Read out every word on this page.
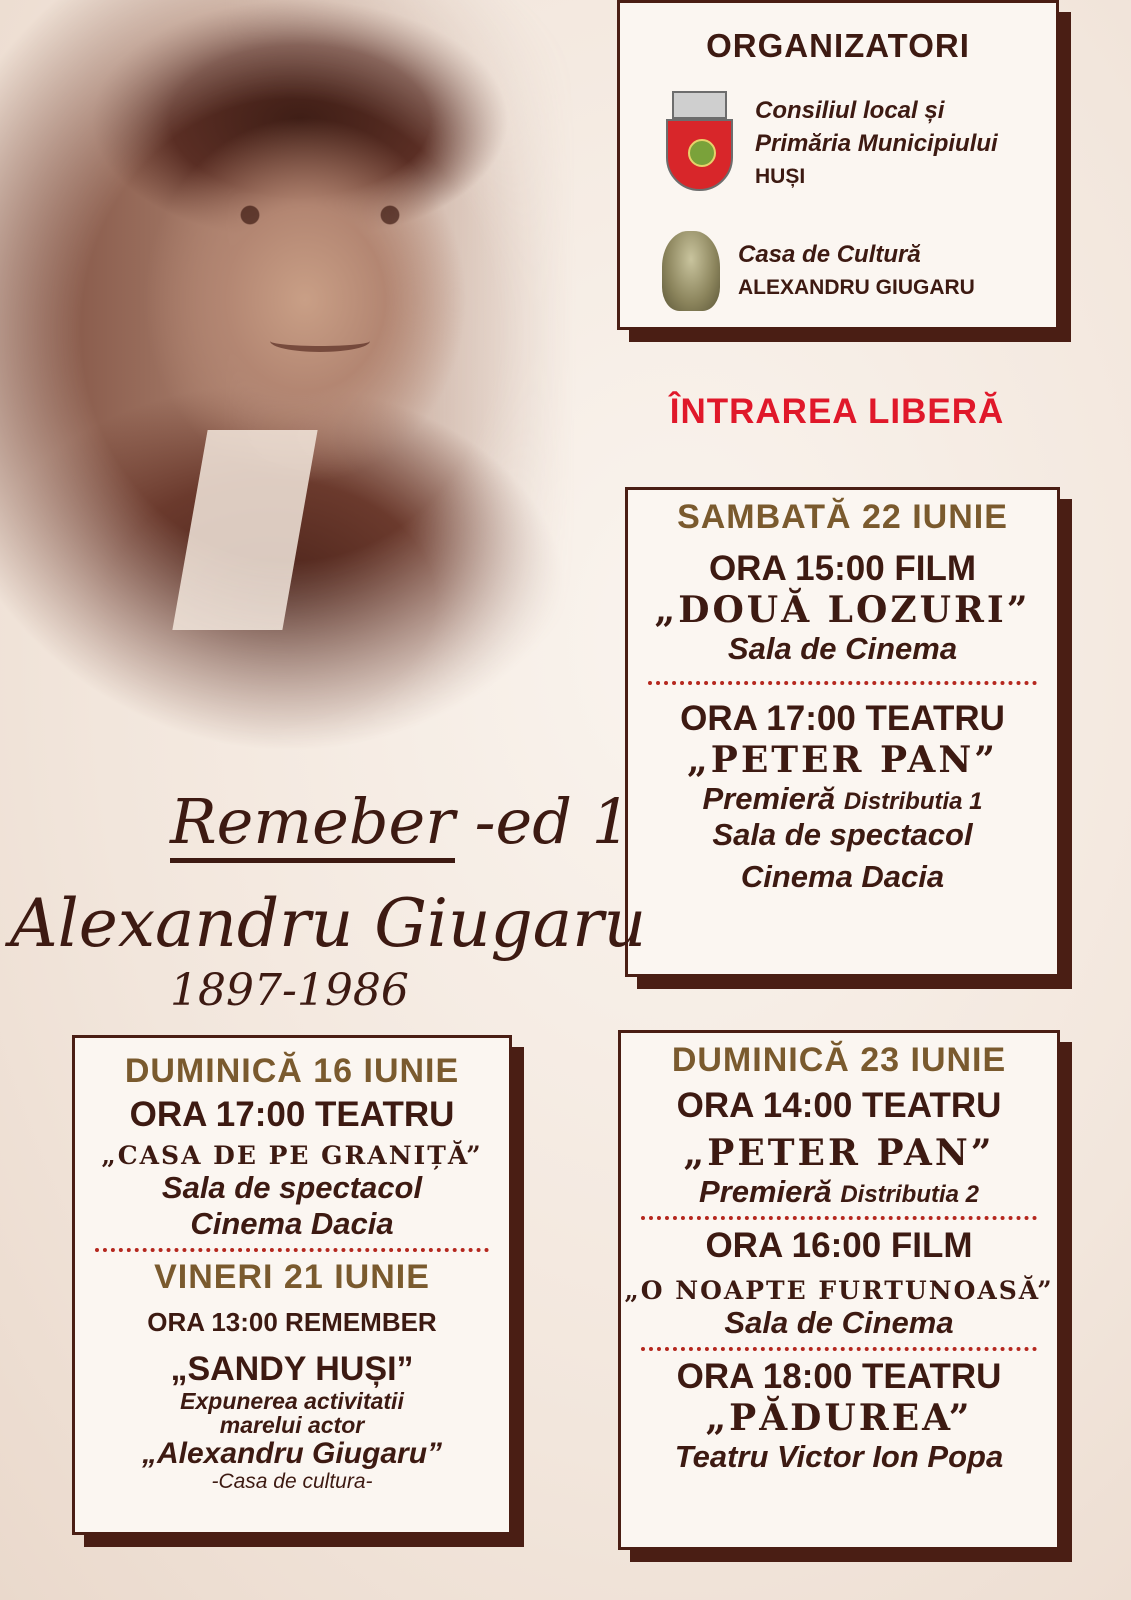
ORGANIZATORI
Consiliul local și
Primăria Municipiului
HUȘI
Casa de Cultură
ALEXANDRU GIUGARU
ÎNTRAREA LIBERĂ

SAMBATĂ 22 IUNIE

ORA 15:00 FILM

„DOUĂ LOZURI”

Sala de Cinema

ORA 17:00 TEATRU

„PETER PAN”

Premieră Distributia 1

Sala de spectacol

Cinema Dacia

Remeber -ed 1
Alexandru Giugaru
1897-1986

DUMINICĂ 16 IUNIE

ORA 17:00 TEATRU

„CASA DE PE GRANIȚĂ”

Sala de spectacol

Cinema Dacia

VINERI 21 IUNIE

ORA 13:00 REMEMBER

„SANDY HUȘI”

Expunerea activitatii

marelui actor

„Alexandru Giugaru”

-Casa de cultura-

DUMINICĂ 23 IUNIE

ORA 14:00 TEATRU

„PETER PAN”

Premieră Distributia 2

ORA 16:00 FILM

„O NOAPTE FURTUNOASĂ”

Sala de Cinema

ORA 18:00 TEATRU

„PĂDUREA”

Teatru Victor Ion Popa
